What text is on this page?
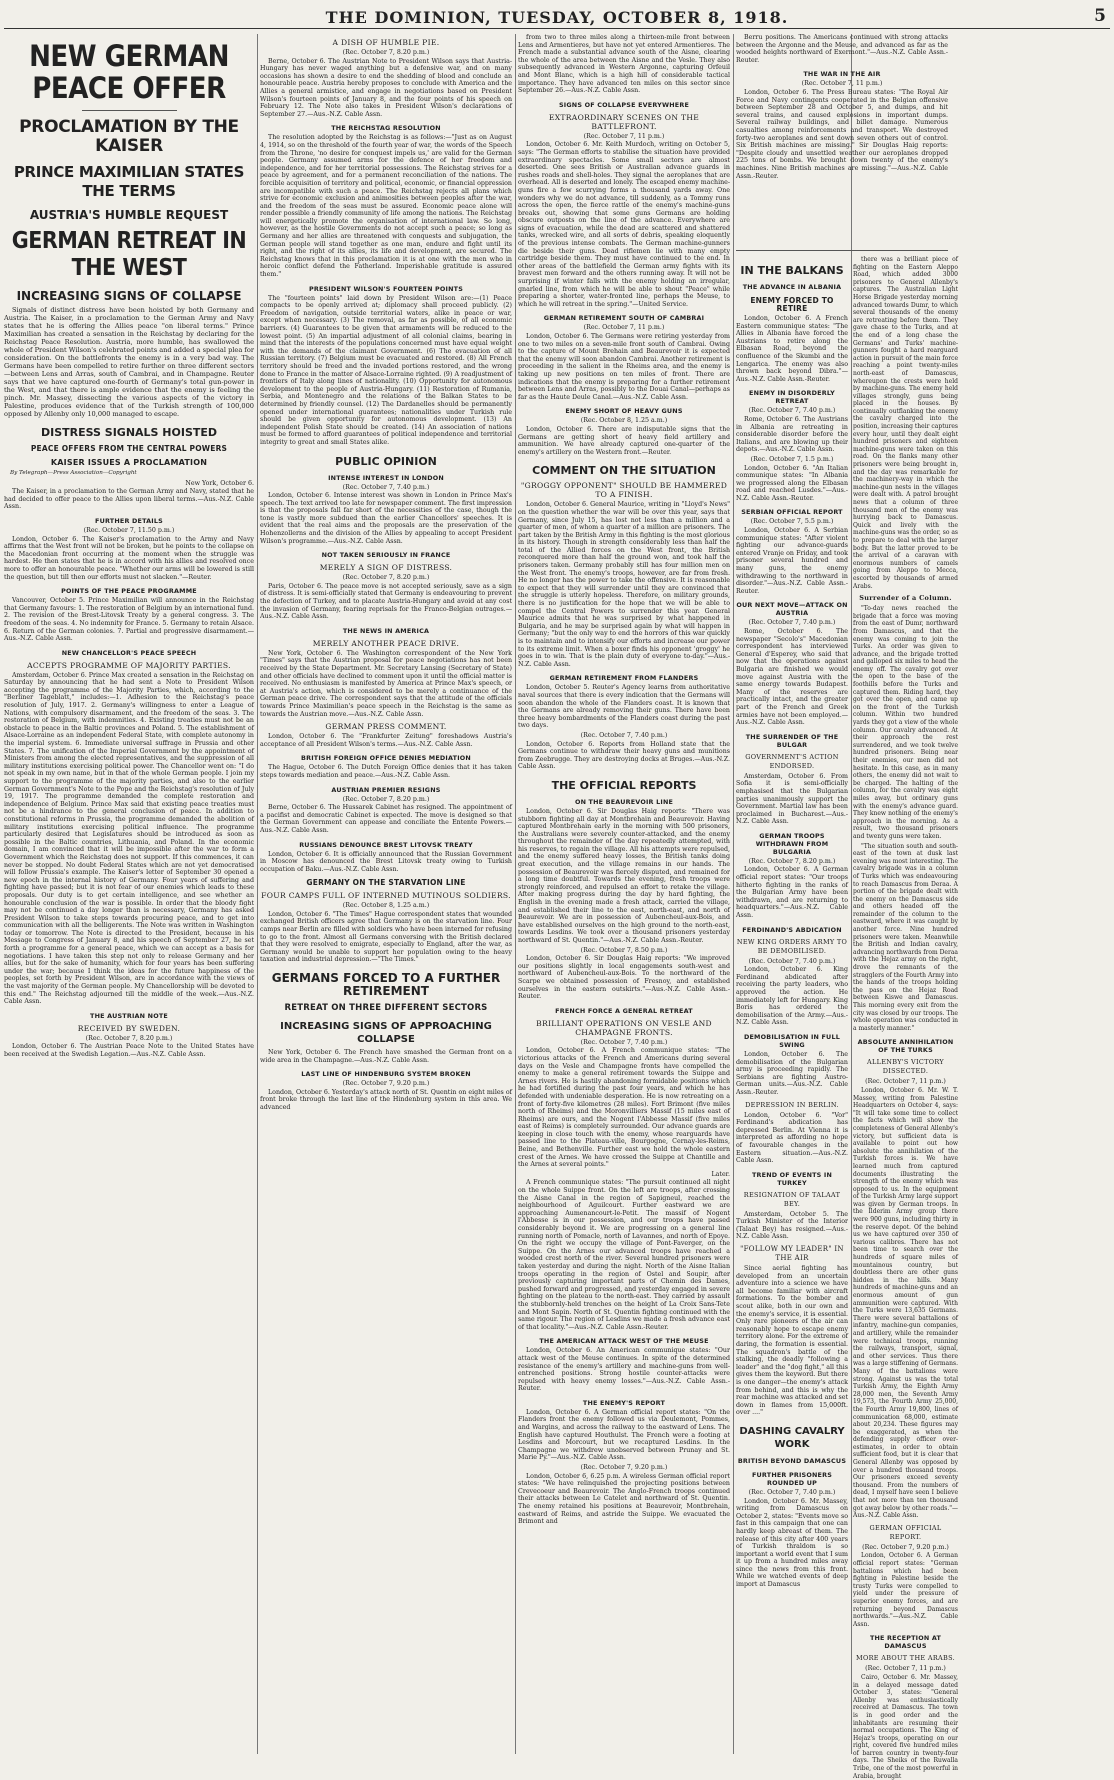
THE DOMINION, TUESDAY, OCTOBER 8, 1918.	5
NEW GERMAN PEACE OFFER
PROCLAMATION BY THE KAISER
PRINCE MAXIMILIAN STATES THE TERMS
AUSTRIA'S HUMBLE REQUEST
GERMAN RETREAT IN THE WEST
INCREASING SIGNS OF COLLAPSE
Signals of distinct distress have been hoisted by both Germany and Austria. The Kaiser, in a proclamation to the German Army and Navy states that he is offering the Allies peace "on liberal terms." Prince Maximilian has created a sensation in the Reichstag by declaring for the Reichstag Peace Resolution. Austria, more humble, has swallowed the whole of President Wilson's celebrated points and added a special plea for consideration. On the battlefronts the enemy is in a very bad way. The Germans have been compelled to retire further on three different sectors—between Lens and Arras, south of Cambrai, and in Champagne. Reuter says that we have captured one-fourth of Germany's total gun-power in the West, and that there is ample evidence that the enemy is feeling the pinch. Mr. Massey, dissecting the various aspects of the victory in Palestine, produces evidence that of the Turkish strength of 100,000 opposed by Allenby only 10,000 managed to escape.
DISTRESS SIGNALS HOISTED
PEACE OFFERS FROM THE CENTRAL POWERS
KAISER ISSUES A PROCLAMATION
By Telegraph—Press Association—Copyright
New York, October 6.
The Kaiser, in a proclamation to the German Army and Navy, stated that he had decided to offer peace to the Allies upon liberal terms.—Aus.-N.Z. Cable Assn.
FURTHER DETAILS
(Rec. October 7, 11.50 p.m.)
London, October 6. The Kaiser's proclamation to the Army and Navy affirms that the West front will not be broken, but he points to the collapse on the Macedonian front occurring at the moment when the struggle was hardest. He then states that he is in accord with his allies and resolved once more to offer an honourable peace. "Whether our arms will be lowered is still the question, but till then our efforts must not slacken."—Reuter.
POINTS OF THE PEACE PROGRAMME
Vancouver, October 5. Prince Maximilian will announce in the Reichstag that Germany favours: 1. The restoration of Belgium by an international fund. 2. The revision of the Brest-Litovsk Treaty by a general congress. 3. The freedom of the seas. 4. No indemnity for France. 5. Germany to retain Alsace. 6. Return of the German colonies. 7. Partial and progressive disarmament.—Aus.-N.Z. Cable Assn.
NEW CHANCELLOR'S PEACE SPEECH
ACCEPTS PROGRAMME OF MAJORITY PARTIES.
Amsterdam, October 6. Prince Max created a sensation in the Reichstag on Saturday by announcing that he had sent a Note to President Wilson accepting the programme of the Majority Parties, which, according to the "Berliner Tageblatt," includes:—1. Adhesion to the Reichstag's peace resolution of July, 1917. 2. Germany's willingness to enter a League of Nations, with compulsory disarmament, and the freedom of the seas. 3. The restoration of Belgium, with indemnities. 4. Existing treaties must not be an obstacle to peace in the Baltic provinces and Poland. 5. The establishment of Alsace-Lorraine as an independent Federal State, with complete autonomy in the imperial system. 6. Immediate universal suffrage in Prussia and other States. 7. The unification of the Imperial Government by the appointment of Ministers from among the elected representatives, and the suppression of all military institutions exercising political power. The Chancellor went on: "I do not speak in my own name, but in that of the whole German people. I join my support to the programme of the majority parties, and also to the earlier German Government's Note to the Pope and the Reichstag's resolution of July 19, 1917. The programme demanded the complete restoration and independence of Belgium. Prince Max said that existing peace treaties must not be a hindrance to the general conclusion of peace. In addition to constitutional reforms in Prussia, the programme demanded the abolition of military institutions exercising political influence. The programme particularly desired that Legislatures should be introduced as soon as possible in the Baltic countries, Lithuania, and Poland. In the economic domain, I am convinced that it will be impossible after the war to form a Government which the Reichstag does not support. If this commences, it can never be stopped. No doubt Federal States which are not yet democratised will follow Prussia's example. The Kaiser's letter of September 30 opened a new epoch in the internal history of Germany. Four years of suffering and fighting have passed; but it is not fear of our enemies which leads to these proposals. Our duty is to get certain intelligence, and see whether an honourable conclusion of the war is possible. In order that the bloody fight may not be continued a day longer than is necessary, Germany has asked President Wilson to take steps towards procuring peace, and to get into communication with all the belligerents. The Note was written in Washington today or tomorrow. The Note is directed to the President, because in his Message to Congress of January 8, and his speech of September 27, he set forth a programme for a general peace, which we can accept as a basis for negotiations. I have taken this step not only to release Germany and her allies, but for the sake of humanity, which for four years has been suffering under the war; because I think the ideas for the future happiness of the peoples, set forth by President Wilson, are in accordance with the views of the vast majority of the German people. My Chancellorship will be devoted to this end." The Reichstag adjourned till the middle of the week.—Aus.-N.Z. Cable Assn.
THE AUSTRIAN NOTE
RECEIVED BY SWEDEN.
(Rec. October 7, 8.20 p.m.)
London, October 6. The Austrian Peace Note to the United States have been received at the Swedish Legation.—Aus.-N.Z. Cable Assn.
A DISH OF HUMBLE PIE.
(Rec. October 7, 8.20 p.m.)
Berne, October 6. The Austrian Note to President Wilson says that Austria-Hungary has never waged anything but a defensive war, and on many occasions has shown a desire to end the shedding of blood and conclude an honourable peace. Austria hereby proposes to conclude with America and the Allies a general armistice, and engage in negotiations based on President Wilson's fourteen points of January 8, and the four points of his speech on February 12. The Note also takes in President Wilson's declarations of September 27.—Aus.-N.Z. Cable Assn.
THE REICHSTAG RESOLUTION
The resolution adopted by the Reichstag is as follows:—"Just as on August 4, 1914, so on the threshold of the fourth year of war, the words of the Speech from the Throne, 'no desire for conquest impels us,' are valid for the German people. Germany assumed arms for the defence of her freedom and independence, and for her territorial possessions. The Reichstag strives for a peace by agreement, and for a permanent reconciliation of the nations. The forcible acquisition of territory and political, economic, or financial oppression are incompatible with such a peace. The Reichstag rejects all plans which strive for economic exclusion and animosities between peoples after the war, and the freedom of the seas must be assured. Economic peace alone will render possible a friendly community of life among the nations. The Reichstag will energetically promote the organisation of international law. So long, however, as the hostile Governments do not accept such a peace; so long as Germany and her allies are threatened with conquests and subjugation, the German people will stand together as one man, endure and fight until its right, and the right of its allies, its life and development, are secured. The Reichstag knows that in this proclamation it is at one with the men who in heroic conflict defend the Fatherland. Imperishable gratitude is assured them."
PRESIDENT WILSON'S FOURTEEN POINTS
The "fourteen points" laid down by President Wilson are:—(1) Peace compacts to be openly arrived at; diplomacy shall proceed publicly. (2) Freedom of navigation, outside territorial waters, alike in peace or war, except when necessary. (3) The removal, as far as possible, of all economic barriers. (4) Guarantees to be given that armaments will be reduced to the lowest point. (5) An impartial adjustment of all colonial claims, bearing in mind that the interests of the populations concerned must have equal weight with the demands of the claimant Government. (6) The evacuation of all Russian territory. (7) Belgium must be evacuated and restored. (8) All French territory should be freed and the invaded portions restored, and the wrong done to France in the matter of Alsace-Lorraine righted. (9) A readjustment of frontiers of Italy along lines of nationality. (10) Opportunity for autonomous development to the people of Austria-Hungary. (11) Restoration of Rumania, Serbia, and Montenegro and the relations of the Balkan States to be determined by friendly counsel. (12) The Dardanelles should be permanently opened under international guarantees; nationalities under Turkish rule should be given opportunity for autonomous development. (13) An independent Polish State should be created. (14) An association of nations must be formed to afford guarantees of political independence and territorial integrity to great and small States alike.
PUBLIC OPINION
INTENSE INTEREST IN LONDON
(Rec. October 7, 7.40 p.m.)
London, October 6. Intense interest was shown in London in Prince Max's speech. The text arrived too late for newspaper comment. The first impression is that the proposals fall far short of the necessities of the case, though the tone is vastly more subdued than the earlier Chancellors' speeches. It is evident that the real aims and the proposals are the preservation of the Hohenzollerns and the division of the Allies by appealing to accept President Wilson's programme.—Aus.-N.Z. Cable Assn.
NOT TAKEN SERIOUSLY IN FRANCE
MERELY A SIGN OF DISTRESS.
(Rec. October 7, 8.20 p.m.)
Paris, October 6. The peace move is not accepted seriously, save as a sign of distress. It is semi-officially stated that Germany is endeavouring to prevent the defection of Turkey, and to placate Austria-Hungary and avoid at any cost the invasion of Germany, fearing reprisals for the Franco-Belgian outrages.—Aus.-N.Z. Cable Assn.
THE NEWS IN AMERICA
MERELY ANOTHER PEACE DRIVE.
New York, October 6. The Washington correspondent of the New York "Times" says that the Austrian proposal for peace negotiations has not been received by the State Department. Mr. Secretary Lansing (Secretary of State) and other officials have declined to comment upon it until the official matter is received. No enthusiasm is manifested by America at Prince Max's speech, or at Austria's action, which is considered to be merely a continuance of the German peace drive. The correspondent says that the attitude of the officials towards Prince Maximilian's peace speech in the Reichstag is the same as towards the Austrian move.—Aus.-N.Z. Cable Assn.
GERMAN PRESS COMMENT.
London, October 6. The "Frankfurter Zeitung" foreshadows Austria's acceptance of all President Wilson's terms.—Aus.-N.Z. Cable Assn.
BRITISH FOREIGN OFFICE DENIES MEDIATION
The Hague, October 6. The Dutch Foreign Office denies that it has taken steps towards mediation and peace.—Aus.-N.Z. Cable Assn.
AUSTRIAN PREMIER RESIGNS
(Rec. October 7, 8.20 p.m.)
Berne, October 6. The Hussarek Cabinet has resigned. The appointment of a pacifist and democratic Cabinet is expected. The move is designed so that the German Government can appease and conciliate the Entente Powers.—Aus.-N.Z. Cable Assn.
RUSSIANS DENOUNCE BREST LITOVSK TREATY
London, October 6. It is officially announced that the Russian Government in Moscow has denounced the Brest Litovsk treaty owing to Turkish occupation of Baku.—Aus.-N.Z. Cable Assn.
GERMANY ON THE STARVATION LINE
FOUR CAMPS FULL OF INTERNED MUTINOUS SOLDIERS.
(Rec. October 8, 1.25 a.m.)
London, October 6. "The Times" Hague correspondent states that wounded exchanged British officers agree that Germany is on the starvation line. Four camps near Berlin are filled with soldiers who have been interned for refusing to go to the front. Almost all Germans conversing with the British declared that they were resolved to emigrate, especially to England, after the war, as Germany would be unable to support her population owing to the heavy taxation and industrial depression.—"The Times."
GERMANS FORCED TO A FURTHER RETIREMENT
RETREAT ON THREE DIFFERENT SECTORS
INCREASING SIGNS OF APPROACHING COLLAPSE
New York, October 6. The French have smashed the German front on a wide area in the Champagne.—Aus.-N.Z. Cable Assn.
LAST LINE OF HINDENBURG SYSTEM BROKEN
(Rec. October 7, 9.20 p.m.)
London, October 6. Yesterday's attack north of St. Quentin on eight miles of front broke through the last line of the Hindenburg system in this area. We advanced
from two to three miles along a thirteen-mile front between Lens and Armentieres, but have not yet entered Armentieres. The French made a substantial advance south of the Aisne, clearing the whole of the area between the Aisne and the Vesle. They also subsequently advanced in Western Argonne, capturing Orfeuil and Mont Blanc, which is a high hill of considerable tactical importance. They have advanced ten miles on this sector since September 26.—Aus.-N.Z. Cable Assn.
SIGNS OF COLLAPSE EVERYWHERE
EXTRAORDINARY SCENES ON THE BATTLEFRONT.
(Rec. October 7, 11 p.m.)
London, October 6. Mr. Keith Murdoch, writing on October 5, says: "The German efforts to stabilise the situation have provided extraordinary spectacles. Some small sectors are almost deserted. One sees British or Australian advance guards in rushes roads and shell-holes. They signal the aeroplanes that are overhead. All is deserted and lonely. The escaped enemy machine-guns fire a few scurrying forms a thousand yards away. One wonders why we do not advance, till suddenly, as a Tommy runs across the open, the fierce rattle of the enemy's machine-guns breaks out, showing that some guns Germans are holding obscure outposts on the line of the advance. Everywhere are signs of evacuation, while the dead are scattered and shattered tanks, wrecked wire, and all sorts of debris, speaking eloquently of the previous intense combats. The German machine-gunners die beside their guns. Dead riflemen lie with many empty cartridge beside them. They must have continued to the end. In other areas of the battlefield the German army fights with its bravest men forward and the others running away. It will not be surprising if winter falls with the enemy holding an irregular, gnarled line, from which he will be able to shout "Peace" while preparing a shorter, water-fronted line, perhaps the Meuse, to which he will retreat in the spring."—United Service.
GERMAN RETIREMENT SOUTH OF CAMBRAI
(Rec. October 7, 11 p.m.)
London, October 6. The Germans were retiring yesterday from one to two miles on a seven-mile front south of Cambrai. Owing to the capture of Mount Brehain and Beaurevoir it is expected that the enemy will soon abandon Cambrai. Another retirement is proceeding in the salient in the Rheims area, and the enemy is taking up new positions on ten miles of front. There are indications that the enemy is preparing for a further retirement between Lens and Arras, possibly to the Douai Canal—perhaps as far as the Haute Deule Canal.—Aus.-N.Z. Cable Assn.
ENEMY SHORT OF HEAVY GUNS
(Rec. October 8, 1.25 a.m.)
London, October 6. There are indisputable signs that the Germans are getting short of heavy field artillery and ammunition. We have already captured one-quarter of the enemy's artillery on the Western front.—Reuter.
COMMENT ON THE SITUATION
"GROGGY OPPONENT" SHOULD BE HAMMERED TO A FINISH.
London, October 6. General Maurice, writing in "Lloyd's News" on the question whether the war will be over this year, says that Germany, since July 15, has lost not less than a million and a quarter of men, of whom a quarter of a million are prisoners. The part taken by the British Army in this fighting is the most glorious in its history. Though in strength considerably less than half the total of the Allied forces on the West front, the British reconquered more than half the ground won, and took half the prisoners taken. Germany probably still has four million men on the West front. The enemy's troops, however, are far from fresh. He no longer has the power to take the offensive. It is reasonable to expect that they will surrender until they are convinced that the struggle is utterly hopeless. Therefore, on military grounds, there is no justification for the hope that we will be able to compel the Central Powers to surrender this year. General Maurice admits that he was surprised by what happened in Bulgaria, and he may be surprised again by what will happen in Germany; "but the only way to end the horrors of this war quickly is to maintain and to intensify our efforts and increase our power to its extreme limit. When a boxer finds his opponent 'groggy' he goes in to win. That is the plain duty of everyone to-day."—Aus.-N.Z. Cable Assn.
GERMAN RETIREMENT FROM FLANDERS
London, October 5. Reuter's Agency learns from authoritative naval sources that there is every indication that the Germans will soon abandon the whole of the Flanders coast. It is known that the Germans are already removing their guns. There have been three heavy bombardments of the Flanders coast during the past two days.
(Rec. October 7, 7.40 p.m.)
London, October 6. Reports from Holland state that the Germans continue to withdraw their heavy guns and munitions from Zeebrugge. They are destroying docks at Bruges.—Aus.-N.Z. Cable Assn.
THE OFFICIAL REPORTS
ON THE BEAUREVOIR LINE
London, October 6. Sir Douglas Haig reports: "There was stubborn fighting all day at Montbrehain and Beaurevoir. Having captured Montbrehain early in the morning with 500 prisoners, the Australians were severely counter-attacked, and the enemy throughout the remainder of the day repeatedly attempted, with his reserves, to regain the village. All his attempts were repulsed, and the enemy suffered heavy losses, the British tanks doing great execution, and the village remains in our hands. The possession of Beaurevoir was fiercely disputed, and remained for a long time doubtful. Towards the evening, fresh troops were strongly reinforced, and repulsed an effort to retake the village. After making progress during the day by hard fighting, the English in the evening made a fresh attack, carried the village, and established their line to the east, north-east, and north of Beaurevoir. We are in possession of Aubencheul-aux-Bois, and have established ourselves on the high ground to the north-east, towards Lesdins. We took over a thousand prisoners yesterday northward of St. Quentin."—Aus.-N.Z. Cable Assn.-Reuter.
(Rec. October 7, 8.50 p.m.)
London, October 6. Sir Douglas Haig reports: "We improved our positions slightly in local engagements south-west and northward of Aubencheul-aux-Bois. To the northward of the Scarpe we obtained possession of Fresnoy, and established ourselves in the eastern outskirts."—Aus.-N.Z. Cable Assn.-Reuter.
FRENCH FORCE A GENERAL RETREAT
BRILLIANT OPERATIONS ON VESLE AND CHAMPAGNE FRONTS.
(Rec. October 7, 7.40 p.m.)
London, October 6. A French communique states: "The victorious attacks of the French and Americans during several days on the Vesle and Champagne fronts have compelled the enemy to make a general retirement towards the Suippe and Arnes rivers. He is hastily abandoning formidable positions which he had fortified during the past four years, and which he has defended with undeniable desperation. He is now retreating on a front of forty-five kilometres (28 miles). Fort Brimont (five miles north of Rheims) and the Moronvilliers Massif (15 miles east of Rheims) are ours, and the Nogent l'Abbesse Massif (five miles east of Reims) is completely surrounded. Our advance guards are keeping in close touch with the enemy, whose rearguards have passed line to the Plateau-ville, Bourgogne, Cernay-les-Reims, Beine, and Bethenville. Further east we hold the whole eastern crest of the Arnes. We have crossed the Suippe at Chantille and the Arnes at several points."
Later.
A French communique states: "The pursuit continued all night on the whole Suippe front. On the left are troops, after crossing the Aisne Canal in the region of Sapigneul, reached the neighbourhood of Aguilcourt. Further eastward we are approaching Aumenancourt-le-Petit. The massif of Nogent l'Abbesse is in our possession, and our troops have passed considerably beyond it. We are progressing on a general line running north of Pomacle, north of Lavannes, and north of Epoye. On the right we occupy the village of Pont-Faverger, on the Suippe. On the Arnes our advanced troops have reached a wooded crest north of the river. Several hundred prisoners were taken yesterday and during the night. North of the Aisne Italian troops operating in the region of Ostel and Soupir, after previously capturing important parts of Chemin des Dames, pushed forward and progressed, and yesterday engaged in severe fighting on the plateau to the north-east. They carried by assault the stubbornly-held trenches on the height of La Croix Sans-Tete and Mont Sapin. North of St. Quentin fighting continued with the same rigour. The region of Lesdins we made a fresh advance east of that locality."—Aus.-N.Z. Cable Assn.-Reuter.
THE AMERICAN ATTACK WEST OF THE MEUSE
London, October 6. An American communique states: "Our attack west of the Meuse continues. In spite of the determined resistance of the enemy's artillery and machine-guns from well-entrenched positions. Strong hostile counter-attacks were repulsed with heavy enemy losses."—Aus.-N.Z. Cable Assn.-Reuter.
THE ENEMY'S REPORT
London, October 6. A German official report states: "On the Flanders front the enemy followed us via Deulemont, Pommes, and Wargins, and across the railway to the eastward of Lens. The English have captured Houthulst. The French were a footing at Lesdins and Morcourt, but we recaptured Lesdins. In the Champagne we withdrew unobserved between Prunay and St. Marie Py."—Aus.-N.Z. Cable Assn.
(Rec. October 7, 9.20 p.m.)
London, October 6, 6.25 p.m. A wireless German official report states: "We have relinquished the projecting positions between Crevecoeur and Beaurevoir. The Anglo-French troops continued their attacks between Le Catelet and northward of St. Quentin. The enemy retained his positions at Beaurevoir, Montbrehain, eastward of Reims, and astride the Suippe. We evacuated the Brimont and
Berru positions. The Americans continued with strong attacks between the Argonne and the Meuse, and advanced as far as the wooded heights northward of Exermont."—Aus.-N.Z. Cable Assn.-Reuter.
THE WAR IN THE AIR
(Rec. October 7, 11 p.m.)
London, October 6. The Press Bureau states: "The Royal Air Force and Navy contingents cooperated in the Belgian offensive between September 28 and October 5, and dumps, and hit several trains, and caused explosions in important dumps. Several railway buildings, and billet damage. Numerous casualties among reinforcements and transport. We destroyed forty-two aeroplanes and sent down seven others out of control. Six British machines are missing." Sir Douglas Haig reports: "Despite cloudy and unsettled weather our aeroplanes dropped 225 tons of bombs. We brought down twenty of the enemy's machines. Nine British machines are missing."—Aus.-N.Z. Cable Assn.-Reuter.
IN THE BALKANS
THE ADVANCE IN ALBANIA
ENEMY FORCED TO RETIRE
London, October 6. A French Eastern communique states: "The Allies in Albania have forced the Austrians to retire along the Elbasan Road, beyond the confluence of the Skumbi and the Lengarica. The enemy was also thrown back beyond Dibra."—Aus.-N.Z. Cable Assn.-Reuter.
ENEMY IN DISORDERLY RETREAT
(Rec. October 7, 7.40 p.m.)
Rome, October 6. The Austrians in Albania are retreating in considerable disorder before the Italians, and are blowing up their depots.—Aus.-N.Z. Cable Assn.
(Rec. October 7, 1.5 p.m.)
London, October 6. "An Italian communique states: "In Albania we progressed along the Elbasan road and reached Lusdes."—Aus.-N.Z. Cable Assn.-Reuter.
SERBIAN OFFICIAL REPORT
(Rec. October 7, 5.5 p.m.)
London, October 6. A Serbian communique states: "After violent fighting our advance-guards entered Vranje on Friday, and took prisoner several hundred and many guns, the enemy withdrawing to the northward in disorder."—Aus.-N.Z. Cable Assn.-Reuter.
OUR NEXT MOVE—ATTACK ON AUSTRIA
(Rec. October 7, 7.40 p.m.)
Rome, October 6. The newspaper "Secolo's" Macedonian correspondent has interviewed General d'Esperey, who said that now that the operations against Bulgaria are finished we would move against Austria with the same energy towards Budapest. Many of the reserves are practically intact, and the greater part of the French and Greek armies have not been employed.—Aus.-N.Z. Cable Assn.
THE SURRENDER OF THE BULGAR
GOVERNMENT'S ACTION ENDORSED.
Amsterdam, October 6. From Sofia it is semi-officially emphasised that the Bulgarian parties unanimously support the Government. Martial law has been proclaimed in Bucharest.—Aus.-N.Z. Cable Assn.
GERMAN TROOPS WITHDRAWN FROM BULGARIA
(Rec. October 7, 8.20 p.m.)
London, October 6. A German official report states: "Our troops hitherto fighting in the ranks of the Bulgarian Army have been withdrawn, and are returning to headquarters."—Aus.-N.Z. Cable Assn.
FERDINAND'S ABDICATION
NEW KING ORDERS ARMY TO BE DEMOBILISED.
(Rec. October 7, 7.40 p.m.)
London, October 6. King Ferdinand abdicated after receiving the party leaders, who approved the action. He immediately left for Hungary. King Boris has ordered the demobilisation of the Army.—Aus.-N.Z. Cable Assn.
DEMOBILISATION IN FULL SWING
London, October 6. The demobilisation of the Bulgarian army is proceeding rapidly. The Serbians are fighting Austro-German units.—Aus.-N.Z. Cable Assn.-Reuter.
DEPRESSION IN BERLIN.
London, October 6. "Vor" Ferdinand's abdication has depressed Berlin. At Vienna it is interpreted as affording no hope of favourable changes in the Eastern situation.—Aus.-N.Z. Cable Assn.
TREND OF EVENTS IN TURKEY
RESIGNATION OF TALAAT BEY.
Amsterdam, October 5. The Turkish Minister of the Interior (Talaat Bey) has resigned.—Aus.-N.Z. Cable Assn.
"FOLLOW MY LEADER" IN THE AIR
Since aerial fighting has developed from an uncertain adventure into a science we have all become familiar with aircraft formations. To the bomber and scout alike, both in our own and the enemy's service, it is essential. Only rare pioneers of the air can reasonably hope to escape enemy territory alone. For the extreme of daring, the formation is essential. The squadron's battle of the stalking, the deadly "following a leader" and the "dog fight," all this gives them the keyword. But there is one danger—the enemy's attack from behind, and this is why the rear machine was attacked and set down in flames from 15,000ft. over ...."
DASHING CAVALRY WORK
BRITISH BEYOND DAMASCUS
FURTHER PRISONERS ROUNDED UP
(Rec. October 7, 7.40 p.m.)
London, October 6. Mr. Massey, writing from Damascus on October 2, states: "Events move so fast in this campaign that one can hardly keep abreast of them. The release of this city after 400 years of Turkish thraldom is so important a world event that I sum it up from a hundred miles away since the news from this front. While we watched events of deep import at Damascus
there was a brilliant piece of fighting on the Eastern Aleppo Road, which added 3000 prisoners to General Allenby's captures. The Australian Light Horse Brigade yesterday morning advanced towards Dumr, to which several thousands of the enemy are retreating before them. They gave chase to the Turks, and at the end of a long chase the Germans' and Turks' machine-gunners fought a hard rearguard action in pursuit of the main force reaching a point twenty-miles north-east of Damascus, whereupon the crests were held by machine-guns. The enemy held villages strongly, guns being placed in the houses. By continually outflanking the enemy the cavalry charged into the position, increasing their captures every hour, until they dealt eight hundred prisoners and eighteen machine-guns were taken on this road. On the flanks many other prisoners were being brought in, and the day was remarkable for the machinery-way in which the machine-gun nests in the villages were dealt with. A patrol brought news that a column of three thousand men of the enemy was hurrying back to Damascus. Quick and lively with the machine-guns was the order, so as to prepare to deal with the larger body. But the latter proved to be the arrival of a caravan with enormous numbers of camels going from Aleppo to Mecca, escorted by thousands of armed Arabs.
Surrender of a Column.
"To-day news reached the brigade that a force was moving from the east of Dumr, northward from Damascus, and that the enemy was coming to join the Turks. An order was given to advance, and the brigade trotted and galloped six miles to head the enemy off. The cavalry got over the open to the base of the foothills before the Turks and captured them. Riding hard, they got over the open, and came up on the front of the Turkish column. Within two hundred yards they got a view of the whole column. Our cavalry advanced. At their approach the rest surrendered, and we took twelve hundred prisoners. Being near their enemies, our men did not hesitate. In this case, as in many others, the enemy did not wait to be charged. The halting of the column, for the cavalry was eight miles away, but ordinary guns with the enemy's advance guard. They knew nothing of the enemy's approach in the morning. As a result, two thousand prisoners and twenty guns were taken.
"The situation south and south-east of the town at dusk last evening was most interesting. The cavalry brigade was in a column of Turks which was endeavouring to reach Damascus from Deraa. A portion of the brigade dealt with the enemy on the Damascus side and others headed off the remainder of the column to the eastward, where it was caught by another force. Nine hundred prisoners were taken. Meanwhile the British and Indian cavalry, advancing northwards from Deraa with the Hejaz army on the right, drove the remnants of the stragglers of the Fourth Army into the hands of the troops holding the pass on the Hejaz Road between Kiswe and Damascus. This morning every exit from the city was closed by our troops. The whole operation was conducted in a masterly manner."
ABSOLUTE ANNIHILATION OF THE TURKS
ALLENBY'S VICTORY DISSECTED.
(Rec. October 7, 11 p.m.)
London, October 6. Mr. W. T. Massey, writing from Palestine Headquarters on October 4, says: "It will take some time to collect the facts which will show the completeness of General Allenby's victory, but sufficient data is available to point out how absolute the annihilation of the Turkish forces is. We have learned much from captured documents illustrating the strength of the enemy which was opposed to us. In the equipment of the Turkish Army large support was given by German troops. In the Ilderim Army group there were 900 guns, including thirty in the reserve depot. Of the behind us we have captured over 350 of various calibres. There has not been time to search over the hundreds of square miles of mountainous country, but doubtless there are other guns hidden in the hills. Many hundreds of machine-guns and an enormous amount of gun ammunition were captured. With the Turks were 13,635 Germans. There were several battalions of infantry, machine-gun companies, and artillery, while the remainder were technical troops, running the railways, transport, signal, and other services. Thus there was a large stiffening of Germans. Many of the battalions were strong. Against us was the total Turkish Army, the Eighth Army 28,000 men, the Seventh Army 19,573, the Fourth Army 25,000, the Fourth Army 19,800, lines of communication 68,000, estimate about 20,234. These figures may be exaggerated, as when the defending supply officer over-estimates, in order to obtain sufficient food, but it is clear that General Allenby was opposed by over a hundred thousand troops. Our prisoners exceed seventy thousand. From the numbers of dead, I myself have seen I believe that not more than ten thousand got away below by other roads."—Aus.-N.Z. Cable Assn.
GERMAN OFFICIAL REPORT.
(Rec. October 7, 9.20 p.m.)
London, October 6. A German official report states: "German battalions which had been fighting in Palestine beside the trusty Turks were compelled to yield under the pressure of superior enemy forces, and are returning beyond Damascus northwards."—Aus.-N.Z. Cable Assn.
THE RECEPTION AT DAMASCUS
MORE ABOUT THE ARABS.
(Rec. October 7, 11 p.m.)
Cairo, October 6. Mr. Massey, in a delayed message dated October 3, states: "General Allenby was enthusiastically received at Damascus. The town is in good order and the inhabitants are resuming their normal occupations. The King of Hejaz's troops, operating on our right, covered five hundred miles of barren country in twenty-four days. The Sheiks of the Ruwalla Tribe, one of the most powerful in Arabia, brought
